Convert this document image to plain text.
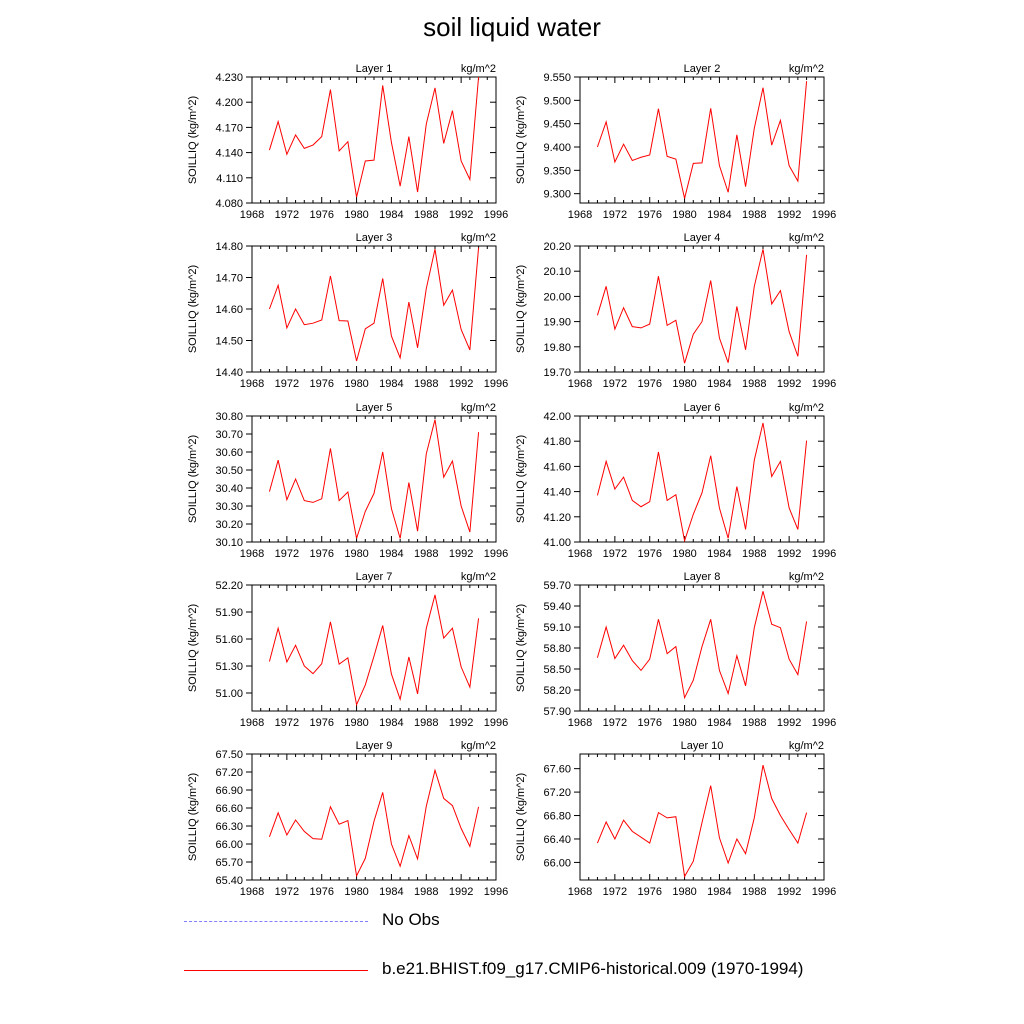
soil liquid water
1968 1972 1976 1980 1984 1988 1992 1996
4.080
4.110
4.140
4.170
4.200
4.230
Layer 1	kg/m^2
SOILLIQ (kg/m^2)
1968 1972 1976 1980 1984 1988 1992 1996
9.300
9.350
9.400
9.450
9.500
9.550
Layer 2	kg/m^2
SOILLIQ (kg/m^2)
1968 1972 1976 1980 1984 1988 1992 1996
14.40
14.50
14.60
14.70
14.80
Layer 3	kg/m^2
SOILLIQ (kg/m^2)
1968 1972 1976 1980 1984 1988 1992 1996
19.70
19.80
19.90
20.00
20.10
20.20
Layer 4	kg/m^2
SOILLIQ (kg/m^2)
1968 1972 1976 1980 1984 1988 1992 1996
30.10
30.20
30.30
30.40
30.50
30.60
30.70
30.80
Layer 5	kg/m^2
SOILLIQ (kg/m^2)
1968 1972 1976 1980 1984 1988 1992 1996
41.00
41.20
41.40
41.60
41.80
42.00
Layer 6	kg/m^2
SOILLIQ (kg/m^2)
1968 1972 1976 1980 1984 1988 1992 1996
51.00
51.30
51.60
51.90
52.20
Layer 7	kg/m^2
SOILLIQ (kg/m^2)
1968 1972 1976 1980 1984 1988 1992 1996
57.90
58.20
58.50
58.80
59.10
59.40
59.70
Layer 8	kg/m^2
SOILLIQ (kg/m^2)
1968 1972 1976 1980 1984 1988 1992 1996
65.40
65.70
66.00
66.30
66.60
66.90
67.20
67.50
Layer 9	kg/m^2
SOILLIQ (kg/m^2)
1968 1972 1976 1980 1984 1988 1992 1996
66.00
66.40
66.80
67.20
67.60
Layer 10	kg/m^2
SOILLIQ (kg/m^2)
No Obs
b.e21.BHIST.f09_g17.CMIP6-historical.009 (1970-1994)
